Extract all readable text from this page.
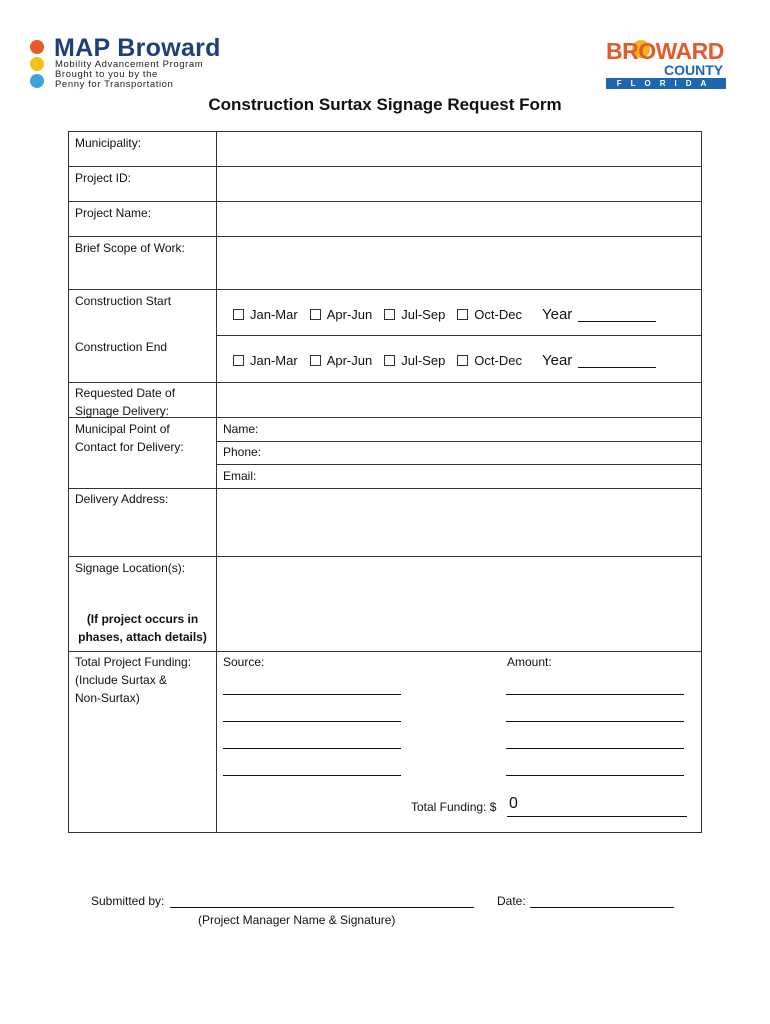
MAP Broward
Mobility Advancement Program
Brought to you by the
Penny for Transportation
BROWARD
COUNTY
FLORIDA
Construction Surtax Signage Request Form
Municipality:
Project ID:
Project Name:
Brief Scope of Work:
Construction Start
Jan-Mar Apr-Jun Jul-Sep Oct-Dec Year
Construction End
Jan-Mar Apr-Jun Jul-Sep Oct-Dec Year
Requested Date of
Signage Delivery:
Municipal Point of
Contact for Delivery:
Name:
Phone:
Email:
Delivery Address:
Signage Location(s):
(If project occurs in
phases, attach details)
Total Project Funding:
(Include Surtax &
Non-Surtax)
Source:	Amount:
Total Funding: $ 0
Submitted by:
(Project Manager Name & Signature)
Date:
